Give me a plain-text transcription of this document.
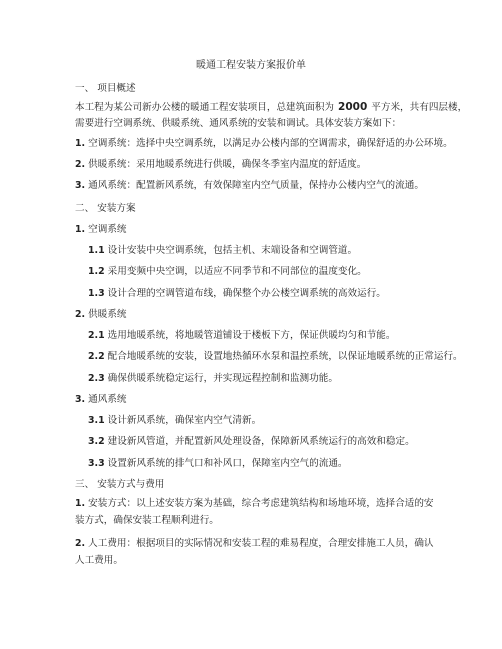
暖通工程安装方案报价单
一、 项目概述
本工程为某公司新办公楼的暖通工程安装项目，总建筑面积为 2000 平方米，共有四层楼，
需要进行空调系统、供暖系统、通风系统的安装和调试。具体安装方案如下：
1. 空调系统：选择中央空调系统，以满足办公楼内部的空调需求，确保舒适的办公环境。
2. 供暖系统：采用地暖系统进行供暖，确保冬季室内温度的舒适度。
3. 通风系统：配置新风系统，有效保障室内空气质量，保持办公楼内空气的流通。
二、 安装方案
1. 空调系统
1.1 设计安装中央空调系统，包括主机、末端设备和空调管道。
1.2 采用变频中央空调，以适应不同季节和不同部位的温度变化。
1.3 设计合理的空调管道布线，确保整个办公楼空调系统的高效运行。
2. 供暖系统
2.1 选用地暖系统，将地暖管道铺设于楼板下方，保证供暖均匀和节能。
2.2 配合地暖系统的安装，设置地热循环水泵和温控系统，以保证地暖系统的正常运行。
2.3 确保供暖系统稳定运行，并实现远程控制和监测功能。
3. 通风系统
3.1 设计新风系统，确保室内空气清新。
3.2 建设新风管道，并配置新风处理设备，保障新风系统运行的高效和稳定。
3.3 设置新风系统的排气口和补风口，保障室内空气的流通。
三、 安装方式与费用
1. 安装方式：以上述安装方案为基础，综合考虑建筑结构和场地环境，选择合适的安装方式，确保安装工程顺利进行。
2. 人工费用：根据项目的实际情况和安装工程的难易程度，合理安排施工人员，确认人工费用。
